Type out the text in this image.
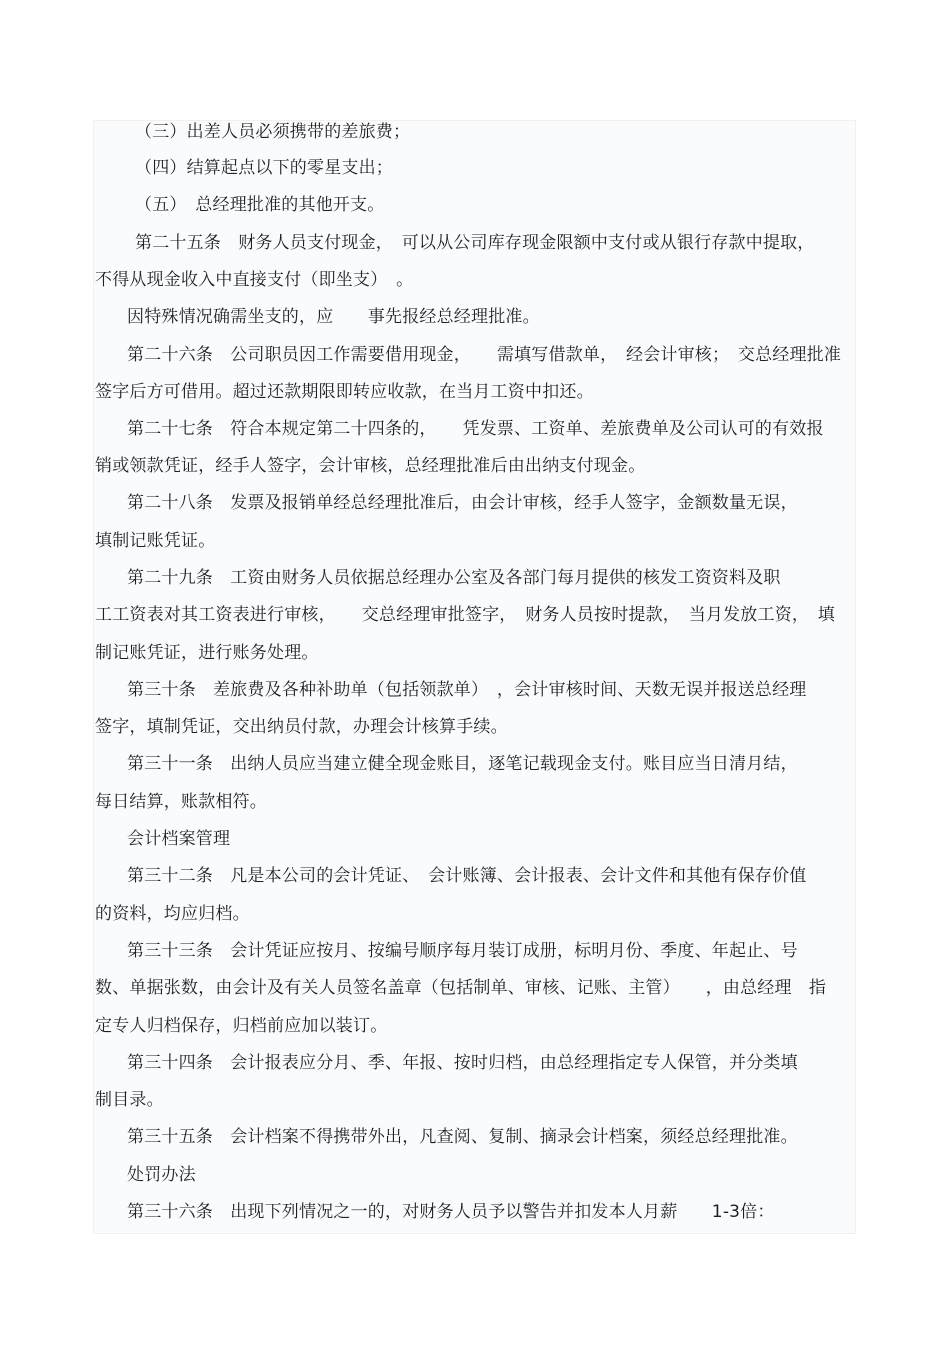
（三）出差人员必须携带的差旅费；

（四）结算起点以下的零星支出；

（五）　总经理批准的其他开支。

第二十五条　财务人员支付现金，　可以从公司库存现金限额中支付或从银行存款中提取，

不得从现金收入中直接支付（即坐支）　。

因特殊情况确需坐支的，应　　事先报经总经理批准。

第二十六条　公司职员因工作需要借用现金，　　需填写借款单，　经会计审核；　交总经理批准

签字后方可借用。超过还款期限即转应收款，在当月工资中扣还。

第二十七条　符合本规定第二十四条的，　　凭发票、工资单、差旅费单及公司认可的有效报

销或领款凭证，经手人签字，会计审核，总经理批准后由出纳支付现金。

第二十八条　发票及报销单经总经理批准后，由会计审核，经手人签字，金额数量无误，

填制记账凭证。

第二十九条　工资由财务人员依据总经理办公室及各部门每月提供的核发工资资料及职

工工资表对其工资表进行审核，　　交总经理审批签字，　财务人员按时提款，　当月发放工资，　填

制记账凭证，进行账务处理。

第三十条　差旅费及各种补助单（包括领款单）　，会计审核时间、天数无误并报送总经理

签字，填制凭证，交出纳员付款，办理会计核算手续。

第三十一条　出纳人员应当建立健全现金账目，逐笔记载现金支付。账目应当日清月结，

每日结算，账款相符。

会计档案管理

第三十二条　凡是本公司的会计凭证、　会计账簿、会计报表、会计文件和其他有保存价值

的资料，均应归档。

第三十三条　会计凭证应按月、按编号顺序每月装订成册，标明月份、季度、年起止、号

数、单据张数，由会计及有关人员签名盖章（包括制单、审核、记账、主管）　　，由总经理　指

定专人归档保存，归档前应加以装订。

第三十四条　会计报表应分月、季、年报、按时归档，由总经理指定专人保管，并分类填

制目录。

第三十五条　会计档案不得携带外出，凡查阅、复制、摘录会计档案，须经总经理批准。

处罚办法

第三十六条　出现下列情况之一的，对财务人员予以警告并扣发本人月薪　　1-3倍：
